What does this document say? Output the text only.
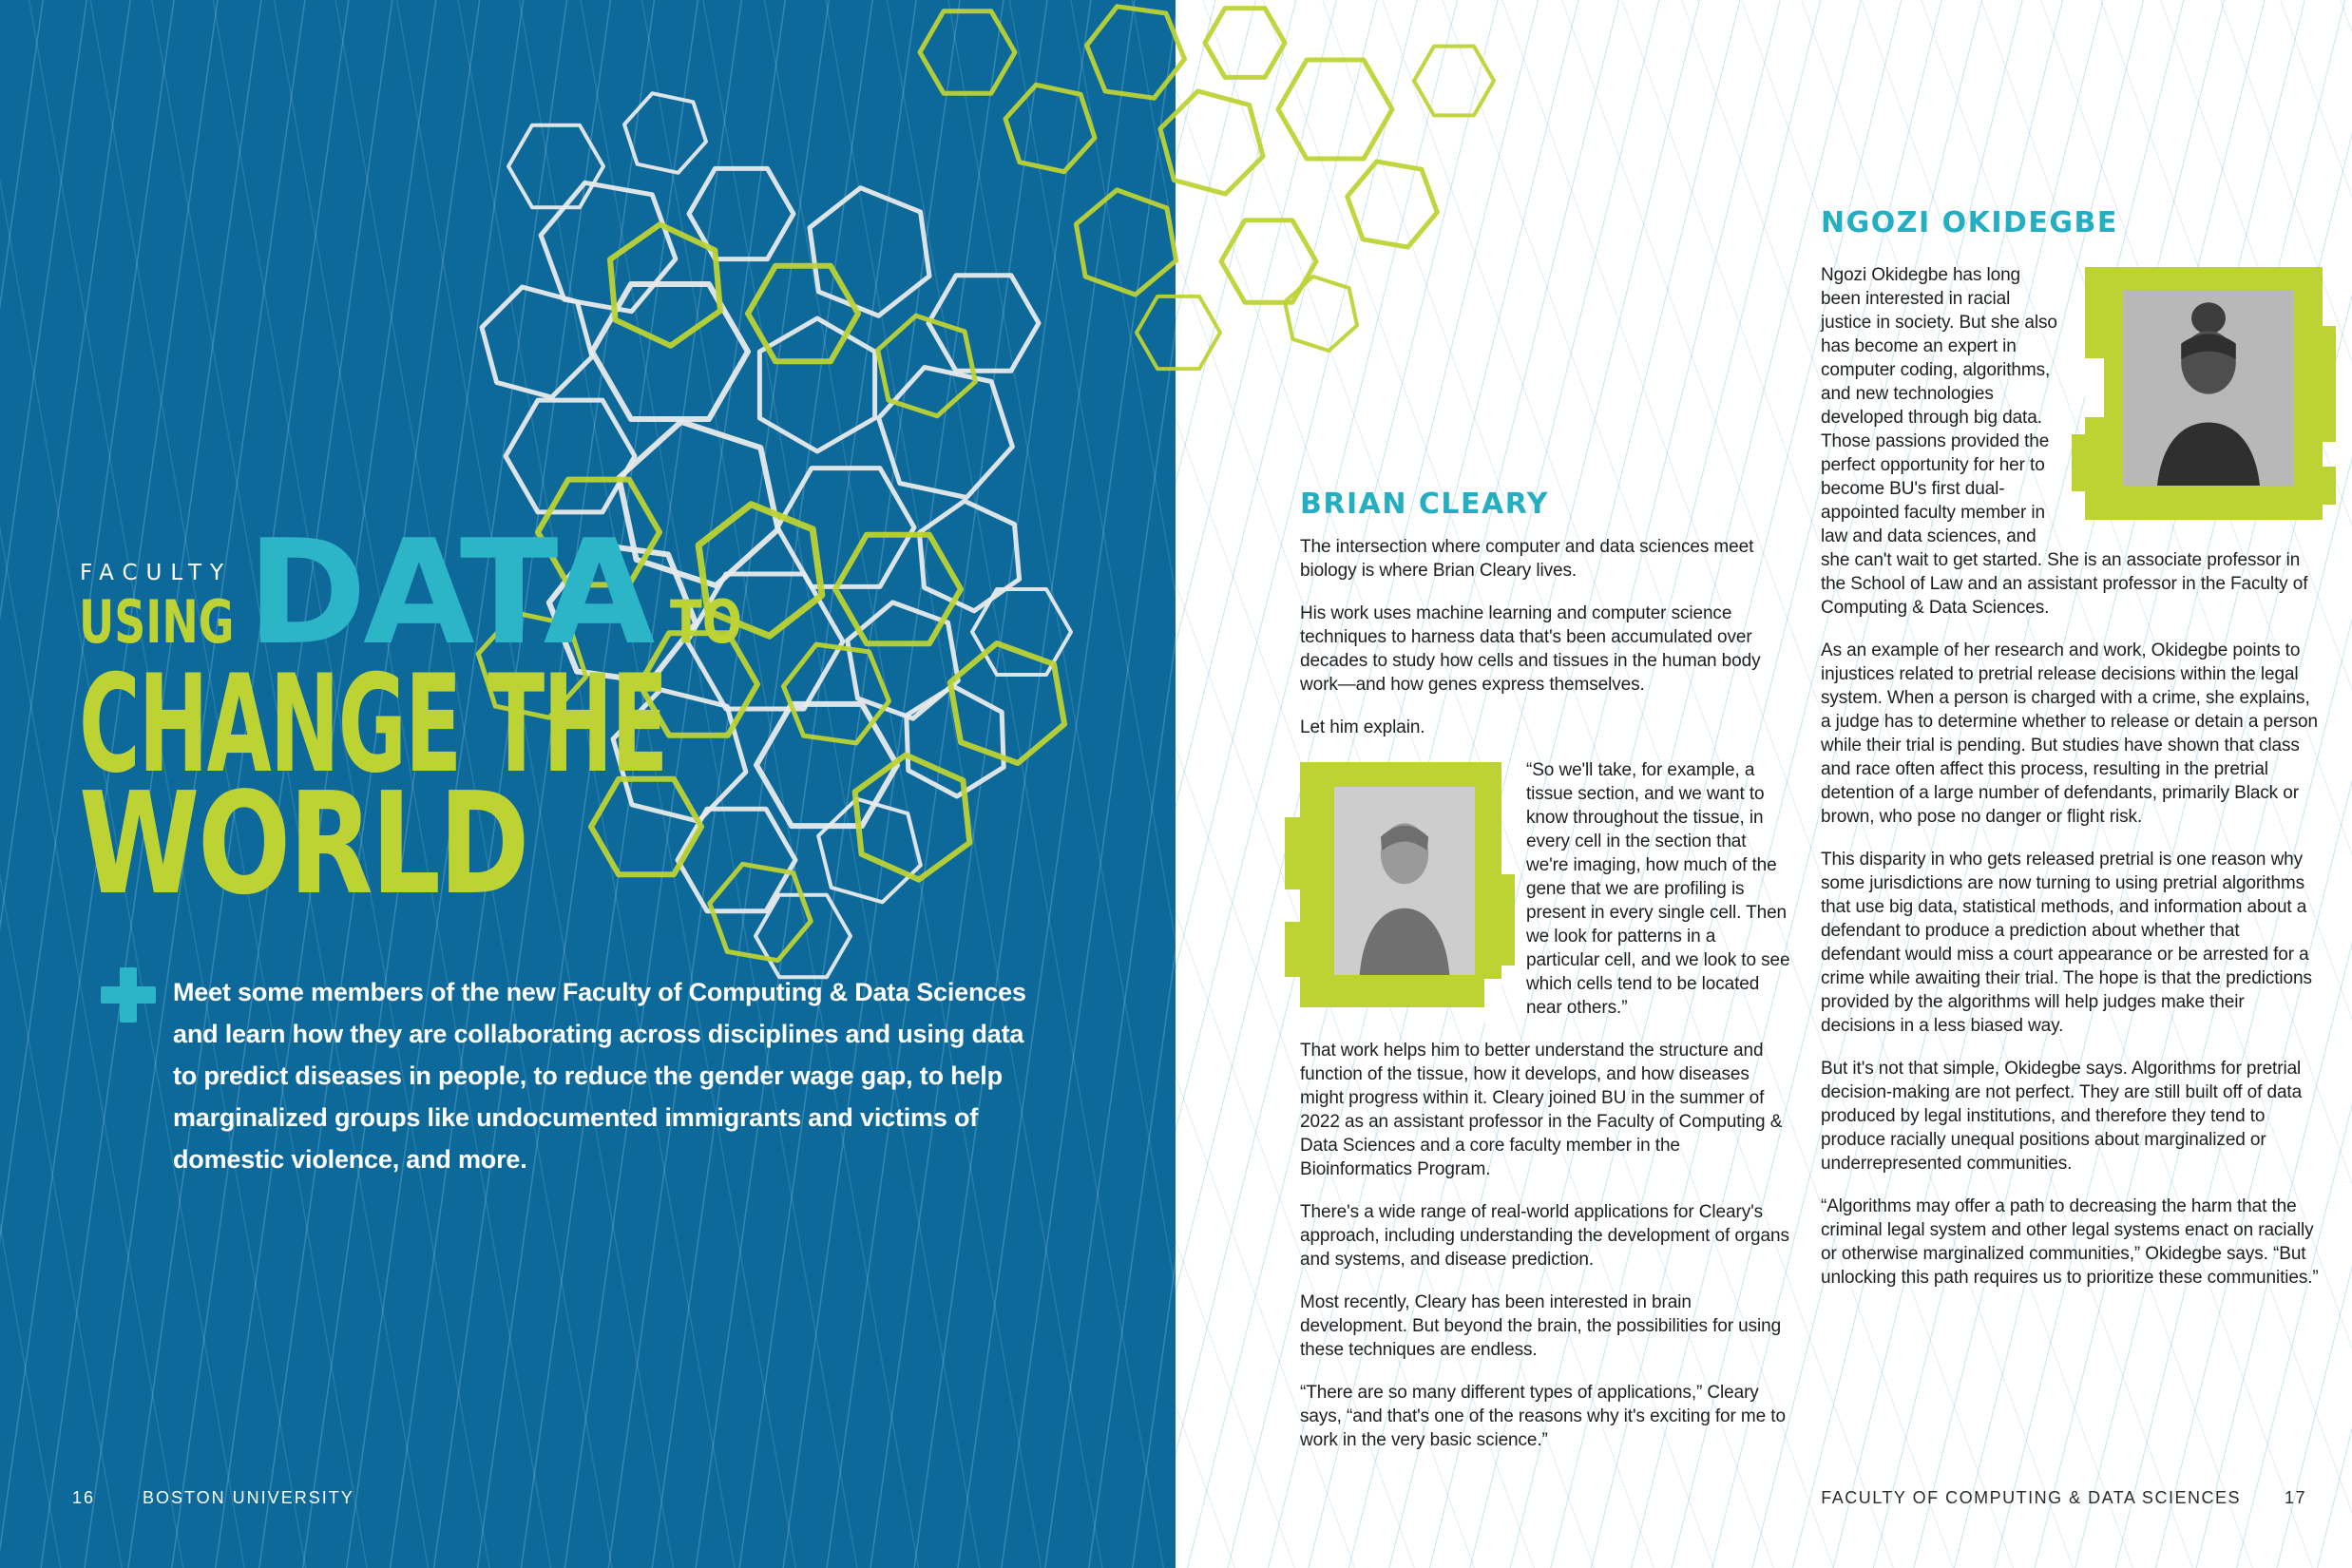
FACULTY
USING DATA TO
CHANGE THE
WORLD
Meet some members of the new Faculty of Computing & Data Sciences and learn how they are collaborating across disciplines and using data to predict diseases in people, to reduce the gender wage gap, to help marginalized groups like undocumented immigrants and victims of domestic violence, and more.
16	BOSTON UNIVERSITY
BRIAN CLEARY

The intersection where computer and data sciences meet biology is where Brian Cleary lives.

His work uses machine learning and computer science techniques to harness data that's been accumulated over decades to study how cells and tissues in the human body work—and how genes express themselves.

Let him explain.

“So we'll take, for example, a tissue section, and we want to know throughout the tissue, in every cell in the section that we're imaging, how much of the gene that we are profiling is present in every single cell. Then we look for patterns in a particular cell, and we look to see which cells tend to be located near others.”

That work helps him to better understand the structure and function of the tissue, how it develops, and how diseases might progress within it. Cleary joined BU in the summer of 2022 as an assistant professor in the Faculty of Computing & Data Sciences and a core faculty member in the Bioinformatics Program.

There's a wide range of real-world applications for Cleary's approach, including understanding the development of organs and systems, and disease prediction.

Most recently, Cleary has been interested in brain development. But beyond the brain, the possibilities for using these techniques are endless.

“There are so many different types of applications,” Cleary says, “and that's one of the reasons why it's exciting for me to work in the very basic science.”

NGOZI OKIDEGBE

Ngozi Okidegbe has long been interested in racial justice in society. But she also has become an expert in computer coding, algorithms, and new technologies developed through big data. Those passions provided the perfect opportunity for her to become BU's first dual-appointed faculty member in law and data sciences, and she can't wait to get started. She is an associate professor in the School of Law and an assistant professor in the Faculty of Computing & Data Sciences.

As an example of her research and work, Okidegbe points to injustices related to pretrial release decisions within the legal system. When a person is charged with a crime, she explains, a judge has to determine whether to release or detain a person while their trial is pending. But studies have shown that class and race often affect this process, resulting in the pretrial detention of a large number of defendants, primarily Black or brown, who pose no danger or flight risk.

This disparity in who gets released pretrial is one reason why some jurisdictions are now turning to using pretrial algorithms that use big data, statistical methods, and information about a defendant to produce a prediction about whether that defendant would miss a court appearance or be arrested for a crime while awaiting their trial. The hope is that the predictions provided by the algorithms will help judges make their decisions in a less biased way.

But it's not that simple, Okidegbe says. Algorithms for pretrial decision-making are not perfect. They are still built off of data produced by legal institutions, and therefore they tend to produce racially unequal positions about marginalized or underrepresented communities.

“Algorithms may offer a path to decreasing the harm that the criminal legal system and other legal systems enact on racially or otherwise marginalized communities,” Okidegbe says. “But unlocking this path requires us to prioritize these communities.”

FACULTY OF COMPUTING & DATA SCIENCES	17
